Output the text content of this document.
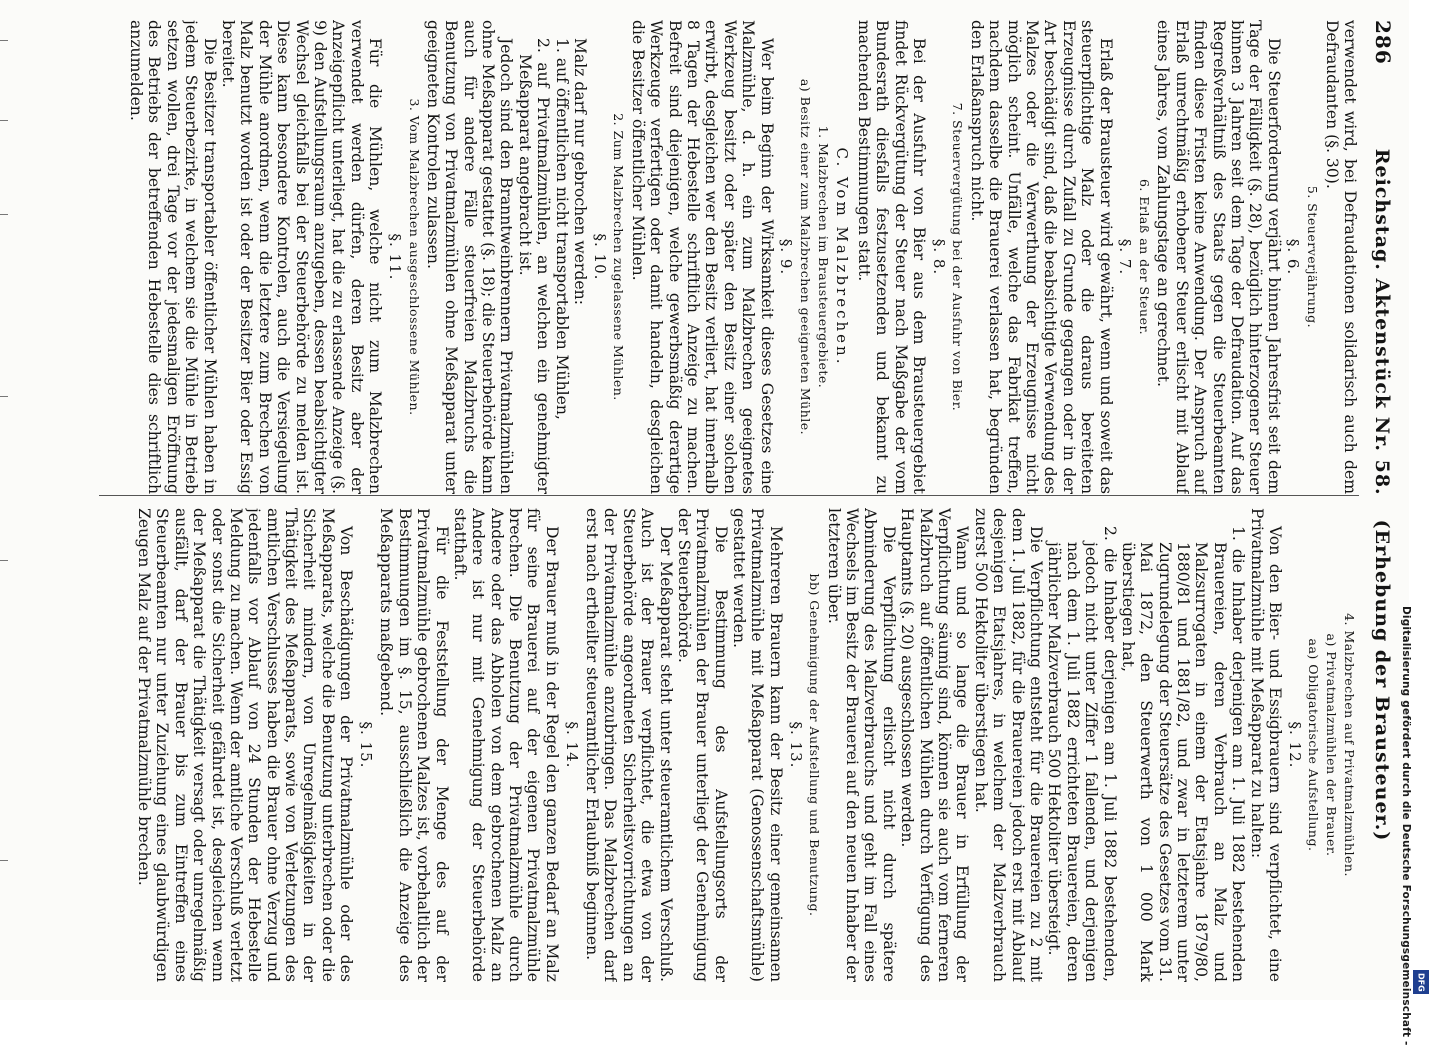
286
Reichstag. Aktenstück Nr. 58.
(Erhebung der Brausteuer.)

verwendet wird, bei Defraudationen solidarisch auch dem Defraudanten (§. 30).

5. Steuerverjährung.
§. 6.

Die Steuerforderung verjährt binnen Jahresfrist seit dem Tage der Fälligkeit (§. 28), bezüglich hinterzogener Steuer binnen 3 Jahren seit dem Tage der Defraudation. Auf das Regreßverhältniß des Staats gegen die Steuerbeamten finden diese Fristen keine Anwendung. Der Anspruch auf Erlaß unrechtmäßig erhobener Steuer erlischt mit Ablauf eines Jahres, vom Zahlungstage an gerechnet.

6. Erlaß an der Steuer.
§. 7.

Erlaß der Brausteuer wird gewährt, wenn und soweit das steuerpflichtige Malz oder die daraus bereiteten Erzeugnisse durch Zufall zu Grunde gegangen oder in der Art beschädigt sind, daß die beabsichtigte Verwendung des Malzes oder die Verwerthung der Erzeugnisse nicht möglich scheint. Unfälle, welche das Fabrikat treffen, nachdem dasselbe die Brauerei verlassen hat, begründen den Erlaßanspruch nicht.

7. Steuervergütung bei der Ausfuhr von Bier.
§. 8.

Bei der Ausfuhr von Bier aus dem Brausteuergebiet findet Rückvergütung der Steuer nach Maßgabe der vom Bundesrath diesfalls festzusetzenden und bekannt zu machenden Bestimmungen statt.

C. Vom Malzbrechen.
1. Malzbrechen im Brausteuergebiete.
a) Besitz einer zum Malzbrechen geeigneten Mühle.
§. 9.

Wer beim Beginn der Wirksamkeit dieses Gesetzes eine Malzmühle, d. h. ein zum Malzbrechen geeignetes Werkzeug besitzt oder später den Besitz einer solchen erwirbt, desgleichen wer den Besitz verliert, hat innerhalb 8 Tagen der Hebestelle schriftlich Anzeige zu machen. Befreit sind diejenigen, welche gewerbsmäßig derartige Werkzeuge verfertigen oder damit handeln, desgleichen die Besitzer öffentlicher Mühlen.

2. Zum Malzbrechen zugelassene Mühlen.
§. 10.

Malz darf nur gebrochen werden:

1. auf öffentlichen nicht transportablen Mühlen,

2. auf Privatmalzmühlen, an welchen ein genehmigter Meßapparat angebracht ist.

Jedoch sind den Branntweinbrennern Privatmalzmühlen ohne Meßapparat gestattet (§. 18); die Steuerbehörde kann auch für andere Fälle steuerfreien Malzbruchs die Benutzung von Privatmalzmühlen ohne Meßapparat unter geeigneten Kontrolen zulassen.

3. Vom Malzbrechen ausgeschlossene Mühlen.
§. 11.

Für die Mühlen, welche nicht zum Malzbrechen verwendet werden dürfen, deren Besitz aber der Anzeigepflicht unterliegt, hat die zu erlassende Anzeige (§. 9) den Aufstellungsraum anzugeben, dessen beabsichtigter Wechsel gleichfalls bei der Steuerbehörde zu melden ist. Diese kann besondere Kontrolen, auch die Versiegelung der Mühle anordnen, wenn die letztere zum Brechen von Malz benutzt worden ist oder der Besitzer Bier oder Essig bereitet.

Die Besitzer transportabler öffentlicher Mühlen haben in jedem Steuerbezirke, in welchem sie die Mühle in Betrieb setzen wollen, drei Tage vor der jedesmaligen Eröffnung des Betriebs der betreffenden Hebestelle dies schriftlich anzumelden.

4. Malzbrechen auf Privatmalzmühlen.
a) Privatmalzmühlen der Brauer.
aa) Obligatorische Aufstellung.
§. 12.

Von den Bier- und Essigbrauern sind verpflichtet, eine Privatmalzmühle mit Meßapparat zu halten:

1. die Inhaber derjenigen am 1. Juli 1882 bestehenden Brauereien, deren Verbrauch an Malz und Malzsurrogaten in einem der Etatsjahre 1879/80, 1880/81 und 1881/82, und zwar in letzterem unter Zugrundelegung der Steuersätze des Gesetzes vom 31. Mai 1872, den Steuerwerth von 1 000 Mark überstiegen hat,

2. die Inhaber derjenigen am 1. Juli 1882 bestehenden, jedoch nicht unter Ziffer 1 fallenden, und derjenigen nach dem 1. Juli 1882 errichteten Brauereien, deren jährlicher Malzverbrauch 500 Hektoliter übersteigt.

Die Verpflichtung entsteht für die Brauereien zu 2 mit dem 1. Juli 1882, für die Brauereien jedoch erst mit Ablauf desjenigen Etatsjahres, in welchem der Malzverbrauch zuerst 500 Hektoliter überstiegen hat.

Wann und so lange die Brauer in Erfüllung der Verpflichtung säumig sind, können sie auch vom ferneren Malzbruch auf öffentlichen Mühlen durch Verfügung des Hauptamts (§. 20) ausgeschlossen werden.

Die Verpflichtung erlischt nicht durch spätere Abminderung des Malzverbrauchs und geht im Fall eines Wechsels im Besitz der Brauerei auf den neuen Inhaber der letzteren über.

bb) Genehmigung der Aufstellung und Benutzung.
§. 13.

Mehreren Brauern kann der Besitz einer gemeinsamen Privatmalzmühle mit Meßapparat (Genossenschaftsmühle) gestattet werden.

Die Bestimmung des Aufstellungsorts der Privatmalzmühlen der Brauer unterliegt der Genehmigung der Steuerbehörde.

Der Meßapparat steht unter steueramtlichem Verschluß. Auch ist der Brauer verpflichtet, die etwa von der Steuerbehörde angeordneten Sicherheitsvorrichtungen an der Privatmalzmühle anzubringen. Das Malzbrechen darf erst nach ertheilter steueramtlicher Erlaubniß beginnen.

§. 14.

Der Brauer muß in der Regel den ganzen Bedarf an Malz für seine Brauerei auf der eigenen Privatmalzmühle brechen. Die Benutzung der Privatmalzmühle durch Andere oder das Abholen von dem gebrochenen Malz an Andere ist nur mit Genehmigung der Steuerbehörde statthaft.

Für die Feststellung der Menge des auf der Privatmalzmühle gebrochenen Malzes ist, vorbehaltlich der Bestimmungen im §. 15, ausschließlich die Anzeige des Meßapparats maßgebend.

§. 15.

Von Beschädigungen der Privatmalzmühle oder des Meßapparats, welche die Benutzung unterbrechen oder die Sicherheit mindern, von Unregelmäßigkeiten in der Thätigkeit des Meßapparats, sowie von Verletzungen des amtlichen Verschlusses haben die Brauer ohne Verzug und jedenfalls vor Ablauf von 24 Stunden der Hebestelle Meldung zu machen. Wenn der amtliche Verschluß verletzt oder sonst die Sicherheit gefährdet ist, desgleichen wenn der Meßapparat die Thätigkeit versagt oder unregelmäßig ausfällt, darf der Brauer bis zum Eintreffen eines Steuerbeamten nur unter Zuziehung eines glaubwürdigen Zeugen Malz auf der Privatmalzmühle brechen.	Digitalisierung gefördert durch die Deutsche Forschungsgemeinschaft - DFG
